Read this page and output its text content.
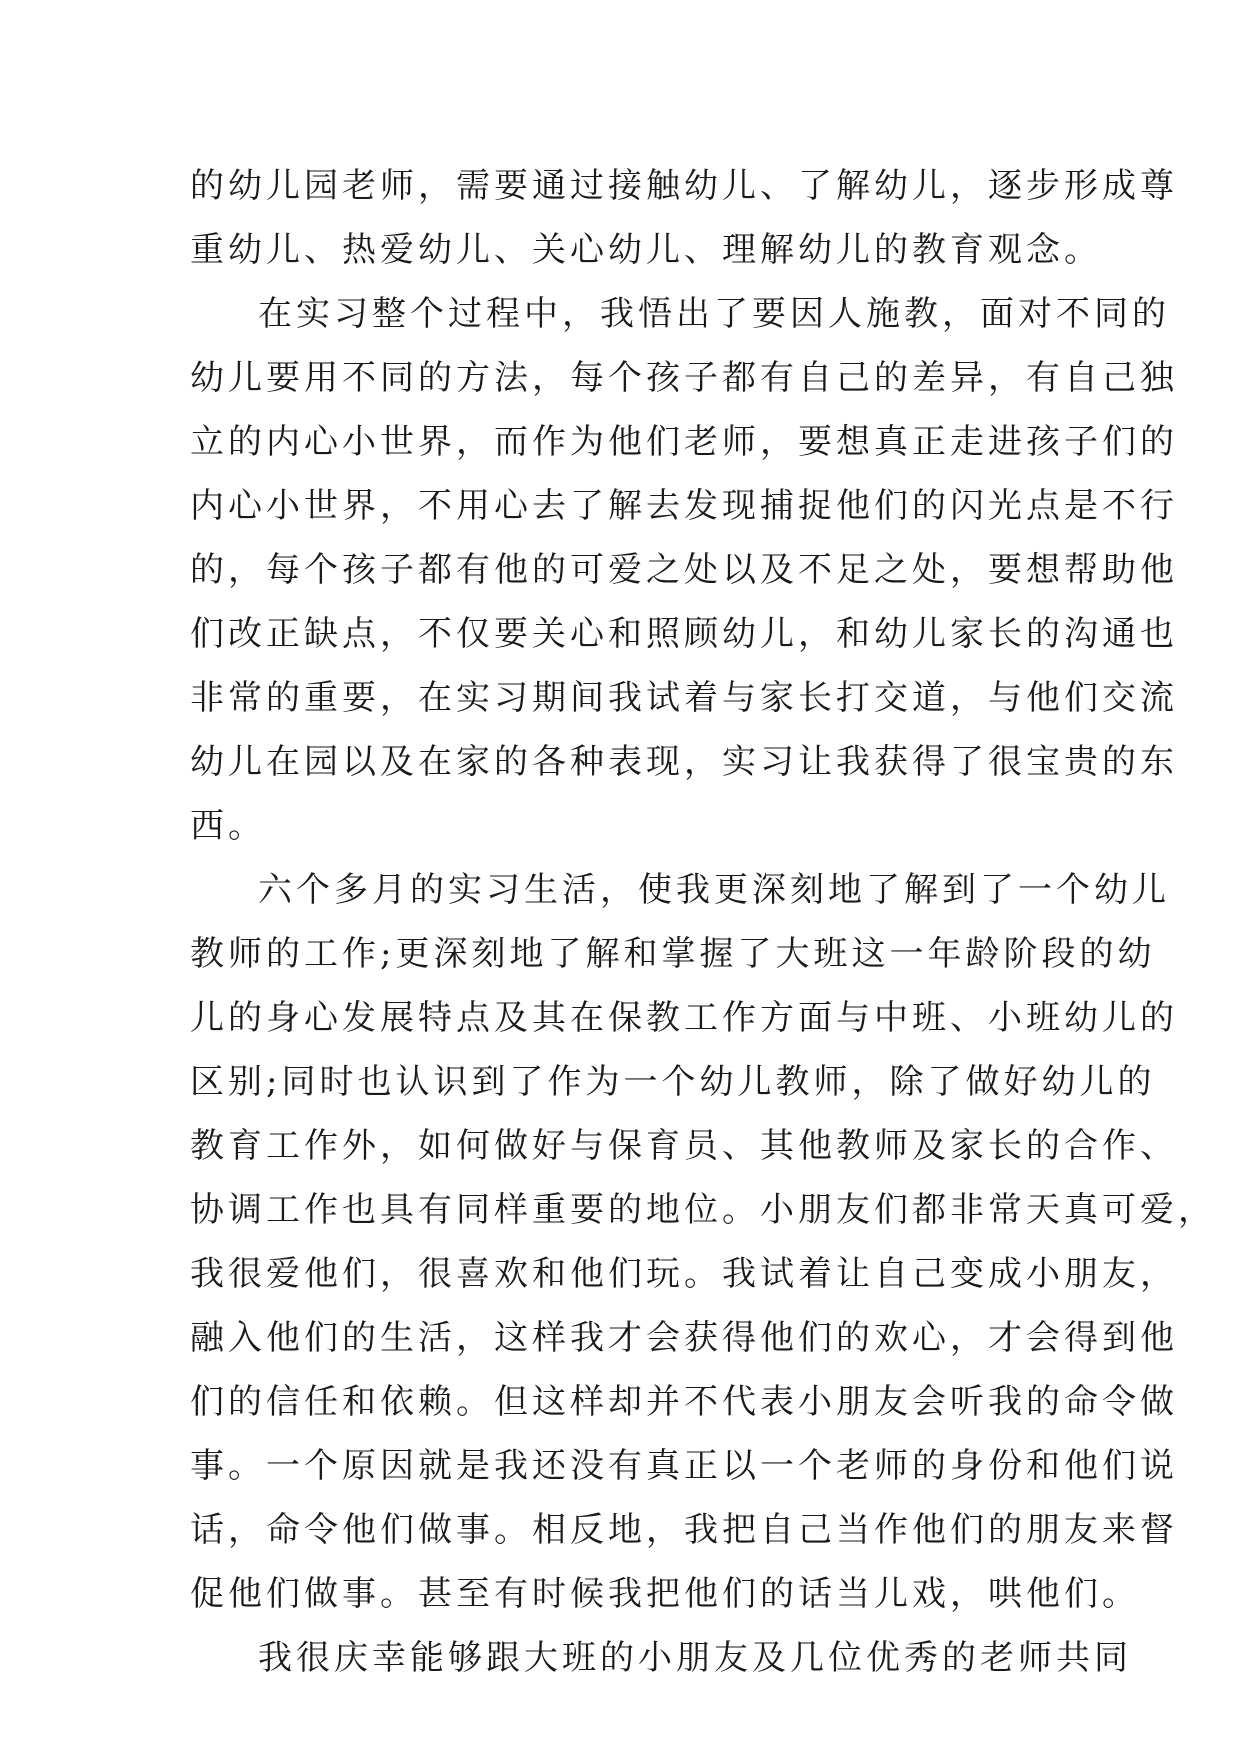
的幼儿园老师，需要通过接触幼儿、了解幼儿，逐步形成尊
重幼儿、热爱幼儿、关心幼儿、理解幼儿的教育观念。
在实习整个过程中，我悟出了要因人施教，面对不同的
幼儿要用不同的方法，每个孩子都有自己的差异，有自己独
立的内心小世界，而作为他们老师，要想真正走进孩子们的
内心小世界，不用心去了解去发现捕捉他们的闪光点是不行
的，每个孩子都有他的可爱之处以及不足之处，要想帮助他
们改正缺点，不仅要关心和照顾幼儿，和幼儿家长的沟通也
非常的重要，在实习期间我试着与家长打交道，与他们交流
幼儿在园以及在家的各种表现，实习让我获得了很宝贵的东
西。
六个多月的实习生活，使我更深刻地了解到了一个幼儿
教师的工作;更深刻地了解和掌握了大班这一年龄阶段的幼
儿的身心发展特点及其在保教工作方面与中班、小班幼儿的
区别;同时也认识到了作为一个幼儿教师，除了做好幼儿的
教育工作外，如何做好与保育员、其他教师及家长的合作、
协调工作也具有同样重要的地位。小朋友们都非常天真可爱，
我很爱他们，很喜欢和他们玩。我试着让自己变成小朋友，
融入他们的生活，这样我才会获得他们的欢心，才会得到他
们的信任和依赖。但这样却并不代表小朋友会听我的命令做
事。一个原因就是我还没有真正以一个老师的身份和他们说
话，命令他们做事。相反地，我把自己当作他们的朋友来督
促他们做事。甚至有时候我把他们的话当儿戏，哄他们。
我很庆幸能够跟大班的小朋友及几位优秀的老师共同
